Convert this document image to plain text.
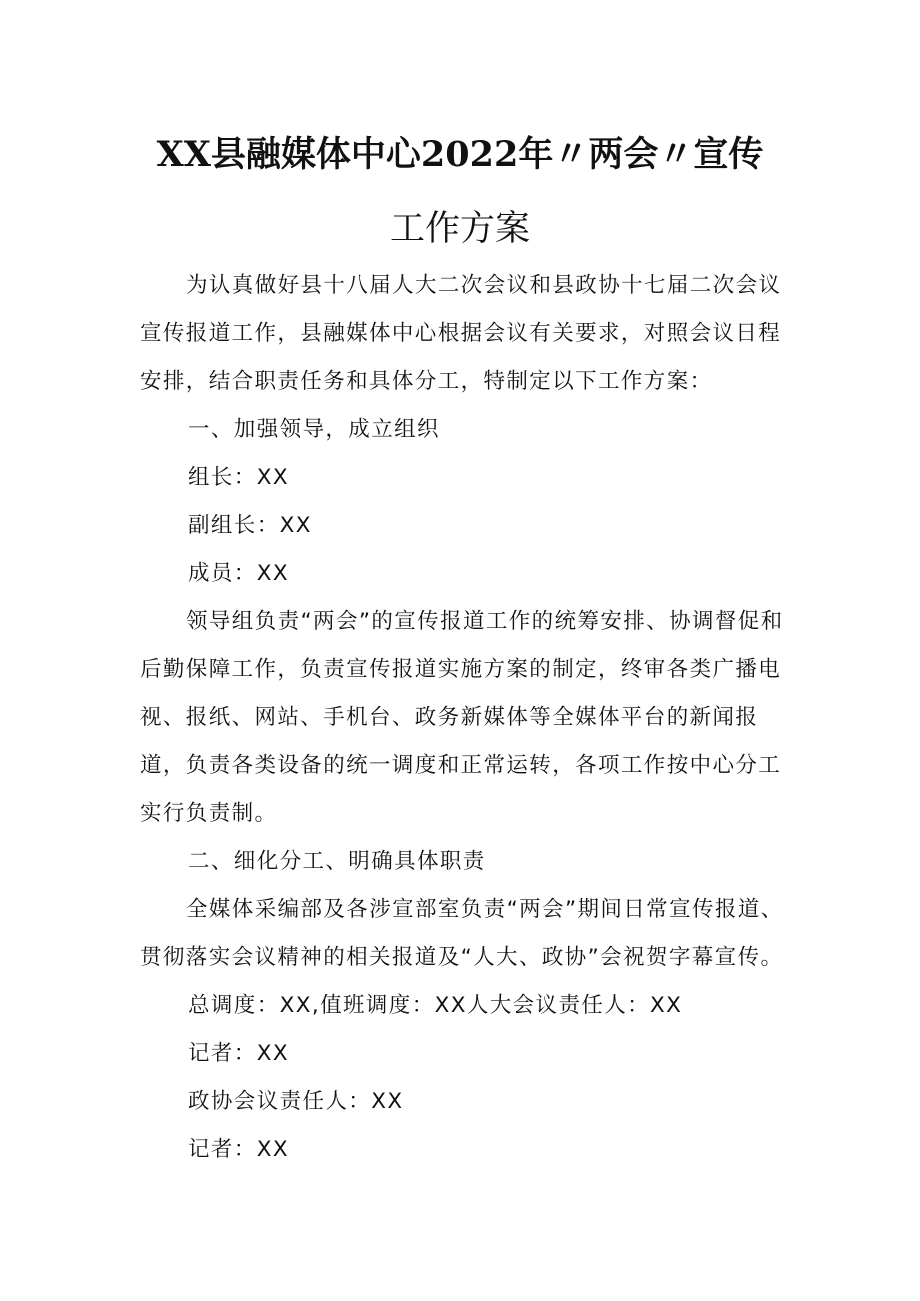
XX县融媒体中心2022年〃两会〃宣传
工作方案

为认真做好县十八届人大二次会议和县政协十七届二次会议宣传报道工作，县融媒体中心根据会议有关要求，对照会议日程安排，结合职责任务和具体分工，特制定以下工作方案：

一、加强领导，成立组织

组长：XX

副组长：XX

成员：XX

领导组负责“两会”的宣传报道工作的统筹安排、协调督促和后勤保障工作，负责宣传报道实施方案的制定，终审各类广播电视、报纸、网站、手机台、政务新媒体等全媒体平台的新闻报道，负责各类设备的统一调度和正常运转，各项工作按中心分工实行负责制。

二、细化分工、明确具体职责

全媒体采编部及各涉宣部室负责“两会”期间日常宣传报道、贯彻落实会议精神的相关报道及“人大、政协”会祝贺字幕宣传。

总调度：XX,值班调度：XX人大会议责任人：XX

记者：XX

政协会议责任人：XX

记者：XX
